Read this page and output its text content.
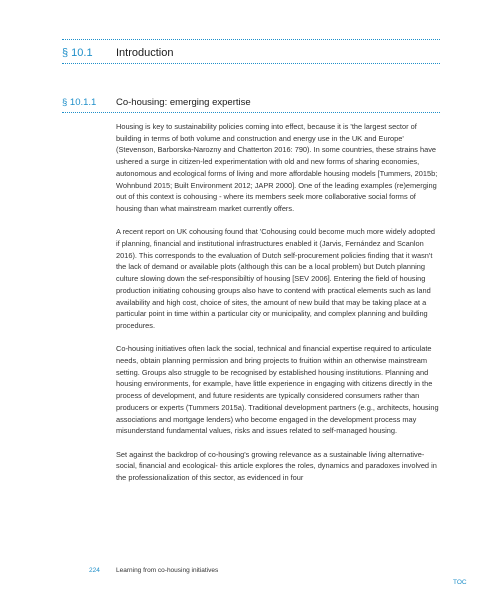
§ 10.1 Introduction
§ 10.1.1 Co-housing: emerging expertise

Housing is key to sustainability policies coming into effect, because it is 'the largest sector of building in terms of both volume and construction and energy use in the UK and Europe' (Stevenson, Barborska-Narozny and Chatterton 2016: 790). In some countries, these strains have ushered a surge in citizen-led experimentation with old and new forms of sharing economies, autonomous and ecological forms of living and more affordable housing models [Tummers, 2015b; Wohnbund 2015; Built Environment 2012; JAPR 2000]. One of the leading examples (re)emerging out of this context is cohousing - where its members seek more collaborative social forms of housing than what mainstream market currently offers.

A recent report on UK cohousing found that 'Cohousing could become much more widely adopted if planning, financial and institutional infrastructures enabled it (Jarvis, Fernández and Scanlon 2016). This corresponds to the evaluation of Dutch self-procurement policies finding that it wasn't the lack of demand or available plots (although this can be a local problem) but Dutch planning culture slowing down the sef-responsibiltiy of housing [SEV 2006]. Entering the field of housing production initiating cohousing groups also have to contend with practical elements such as land availability and high cost, choice of sites, the amount of new build that may be taking place at a particular point in time within a particular city or municipality, and complex planning and building procedures.

Co-housing initiatives often lack the social, technical and financial expertise required to articulate needs, obtain planning permission and bring projects to fruition within an otherwise mainstream setting. Groups also struggle to be recognised by established housing institutions. Planning and housing environments, for example, have little experience in engaging with citizens directly in the process of development, and future residents are typically considered consumers rather than producers or experts (Tummers 2015a). Traditional development partners (e.g., architects, housing associations and mortgage lenders) who become engaged in the development process may misunderstand fundamental values, risks and issues related to self-managed housing.

Set against the backdrop of co-housing's growing relevance as a sustainable living alternative- social, financial and ecological- this article explores the roles, dynamics and paradoxes involved in the professionalization of this sector, as evidenced in four

224 Learning from co-housing initiatives
TOC
